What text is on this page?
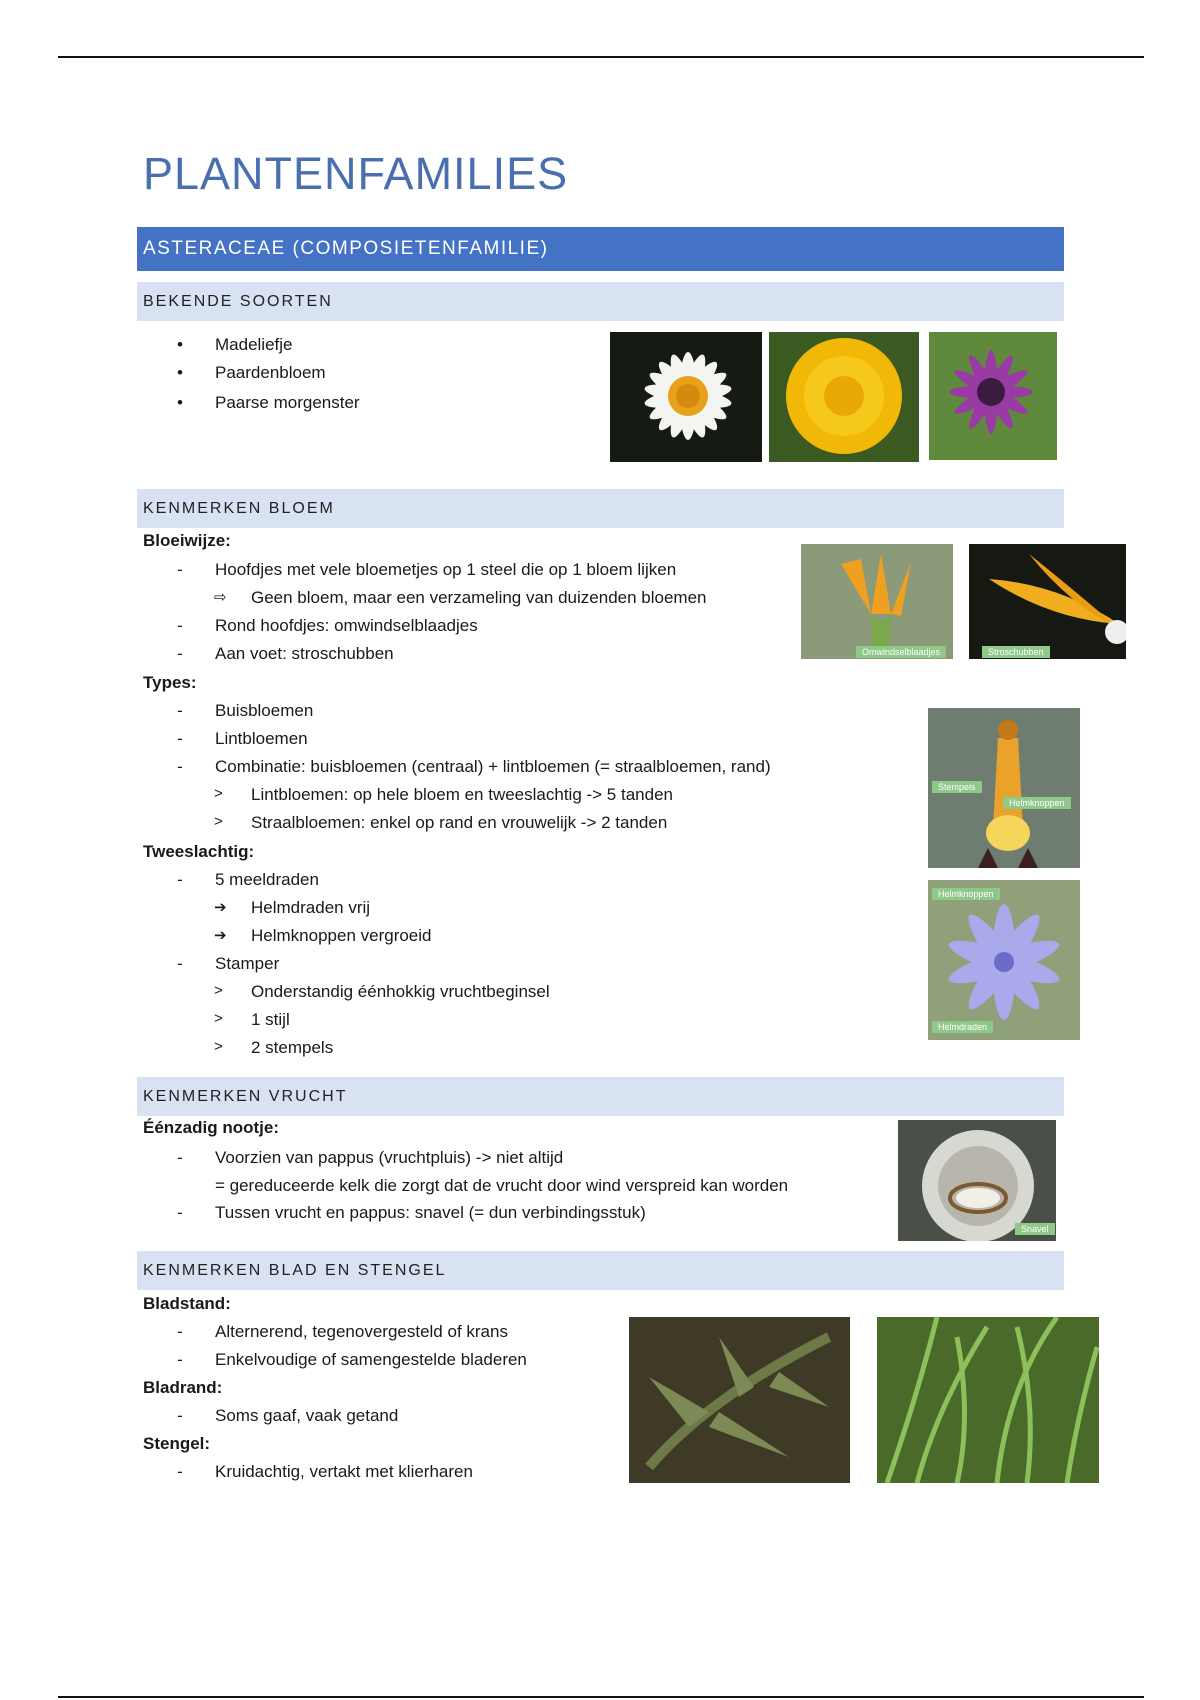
PLANTENFAMILIES
ASTERACEAE (COMPOSIETENFAMILIE)
BEKENDE SOORTEN
• Madeliefje
• Paardenbloem
• Paarse morgenster
KENMERKEN BLOEM
Bloeiwijze:
- Hoofdjes met vele bloemetjes op 1 steel die op 1 bloem lijken
⇨ Geen bloem, maar een verzameling van duizenden bloemen
- Rond hoofdjes: omwindselblaadjes
- Aan voet: stroschubben
Types:
- Buisbloemen
- Lintbloemen
- Combinatie: buisbloemen (centraal) + lintbloemen (= straalbloemen, rand)
> Lintbloemen: op hele bloem en tweeslachtig -> 5 tanden
> Straalbloemen: enkel op rand en vrouwelijk -> 2 tanden
Tweeslachtig:
- 5 meeldraden
➔ Helmdraden vrij
➔ Helmknoppen vergroeid
- Stamper
> Onderstandig éénhokkig vruchtbeginsel
> 1 stijl
> 2 stempels
Omwindselblaadjes	Stroschubben
Stempels
Helmknoppen
Helmknoppen
Helmdraden
KENMERKEN VRUCHT
Éénzadig nootje:
- Voorzien van pappus (vruchtpluis) -> niet altijd
= gereduceerde kelk die zorgt dat de vrucht door wind verspreid kan worden
- Tussen vrucht en pappus: snavel (= dun verbindingsstuk)
Snavel
KENMERKEN BLAD EN STENGEL
Bladstand:
- Alternerend, tegenovergesteld of krans
- Enkelvoudige of samengestelde bladeren
Bladrand:
- Soms gaaf, vaak getand
Stengel:
- Kruidachtig, vertakt met klierharen
